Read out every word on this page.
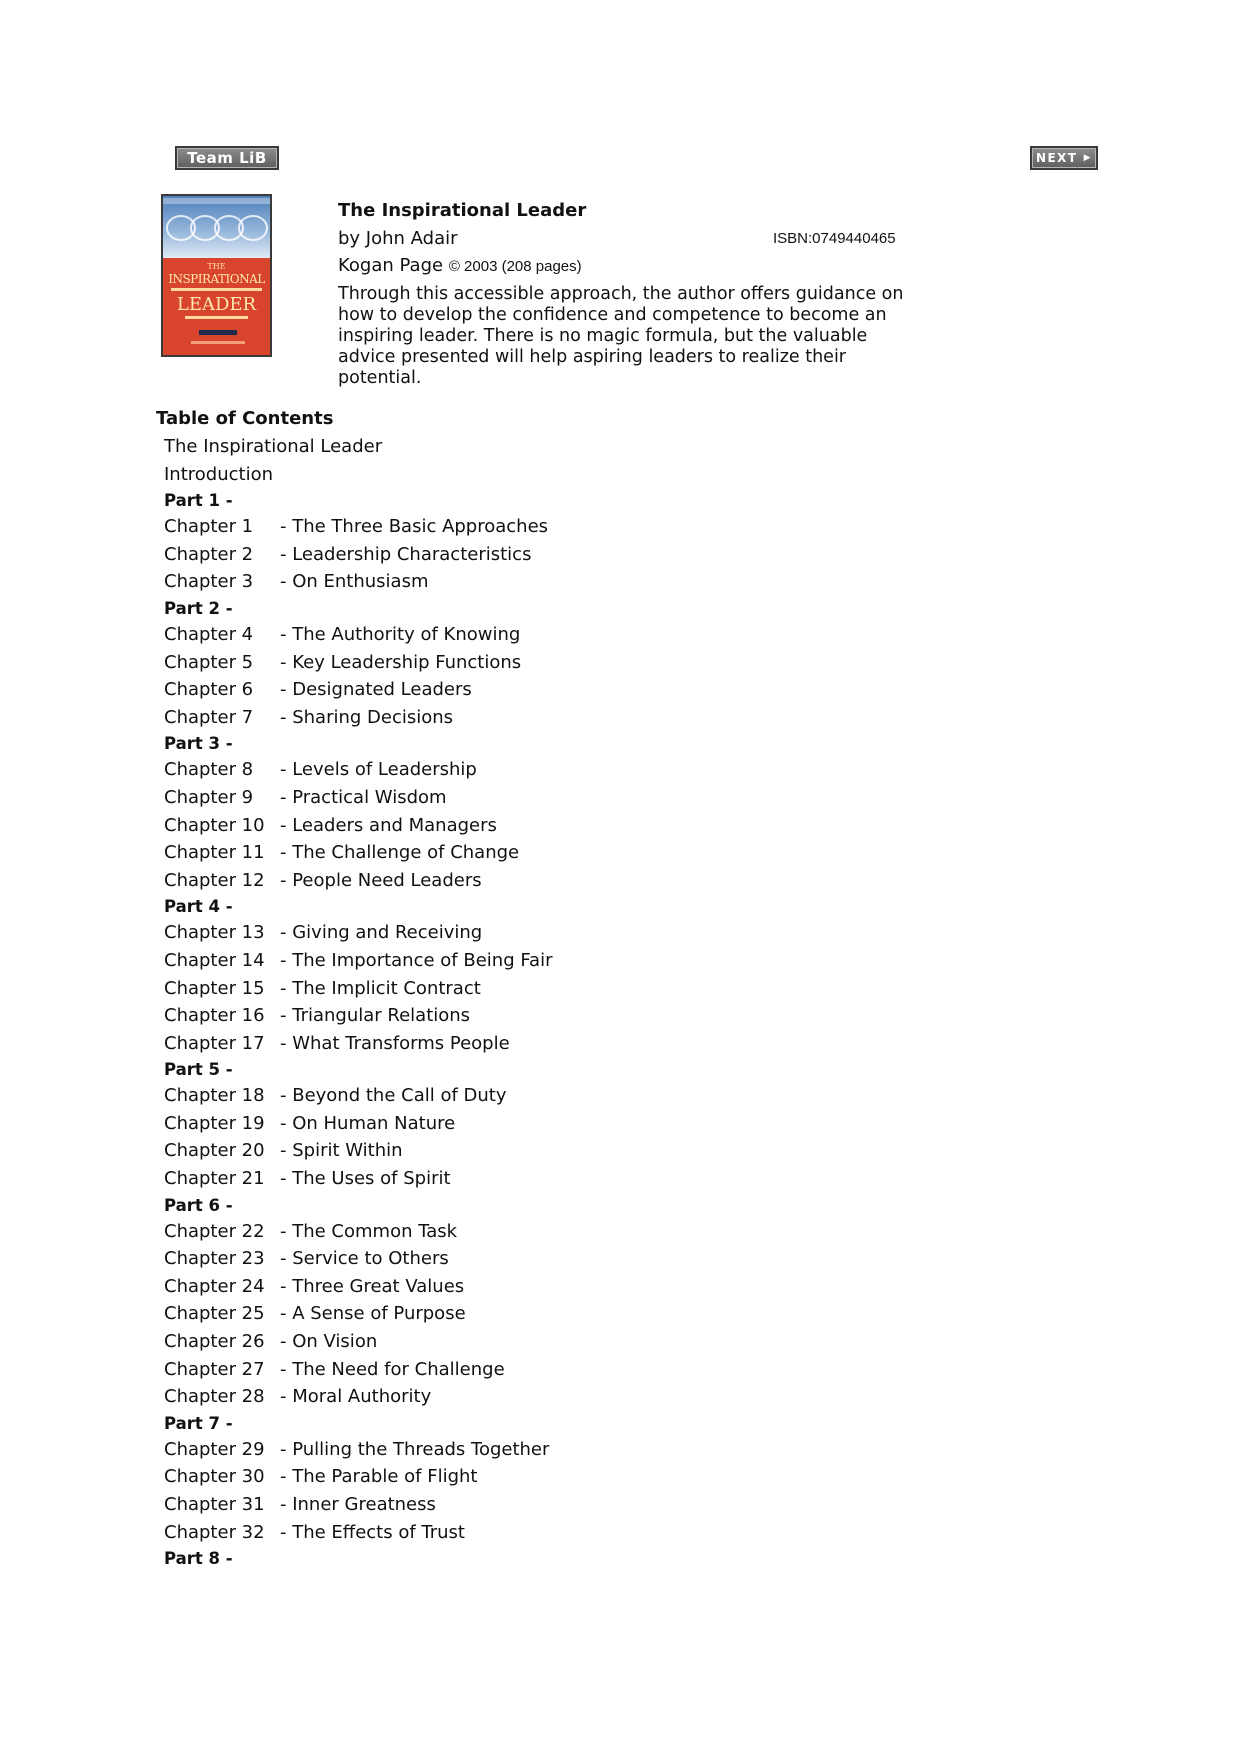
Team LiB	NEXT ▶
THE
INSPIRATIONAL
LEADER
The Inspirational Leader
by John Adair	ISBN:0749440465
Kogan Page © 2003 (208 pages)
Through this accessible approach, the author offers guidance on how to develop the confidence and competence to become an inspiring leader. There is no magic formula, but the valuable advice presented will help aspiring leaders to realize their potential.
Table of Contents
The Inspirational Leader
Introduction
Part 1 -
Chapter 1 - The Three Basic Approaches
Chapter 2 - Leadership Characteristics
Chapter 3 - On Enthusiasm
Part 2 -
Chapter 4 - The Authority of Knowing
Chapter 5 - Key Leadership Functions
Chapter 6 - Designated Leaders
Chapter 7 - Sharing Decisions
Part 3 -
Chapter 8 - Levels of Leadership
Chapter 9 - Practical Wisdom
Chapter 10 - Leaders and Managers
Chapter 11 - The Challenge of Change
Chapter 12 - People Need Leaders
Part 4 -
Chapter 13 - Giving and Receiving
Chapter 14 - The Importance of Being Fair
Chapter 15 - The Implicit Contract
Chapter 16 - Triangular Relations
Chapter 17 - What Transforms People
Part 5 -
Chapter 18 - Beyond the Call of Duty
Chapter 19 - On Human Nature
Chapter 20 - Spirit Within
Chapter 21 - The Uses of Spirit
Part 6 -
Chapter 22 - The Common Task
Chapter 23 - Service to Others
Chapter 24 - Three Great Values
Chapter 25 - A Sense of Purpose
Chapter 26 - On Vision
Chapter 27 - The Need for Challenge
Chapter 28 - Moral Authority
Part 7 -
Chapter 29 - Pulling the Threads Together
Chapter 30 - The Parable of Flight
Chapter 31 - Inner Greatness
Chapter 32 - The Effects of Trust
Part 8 -
